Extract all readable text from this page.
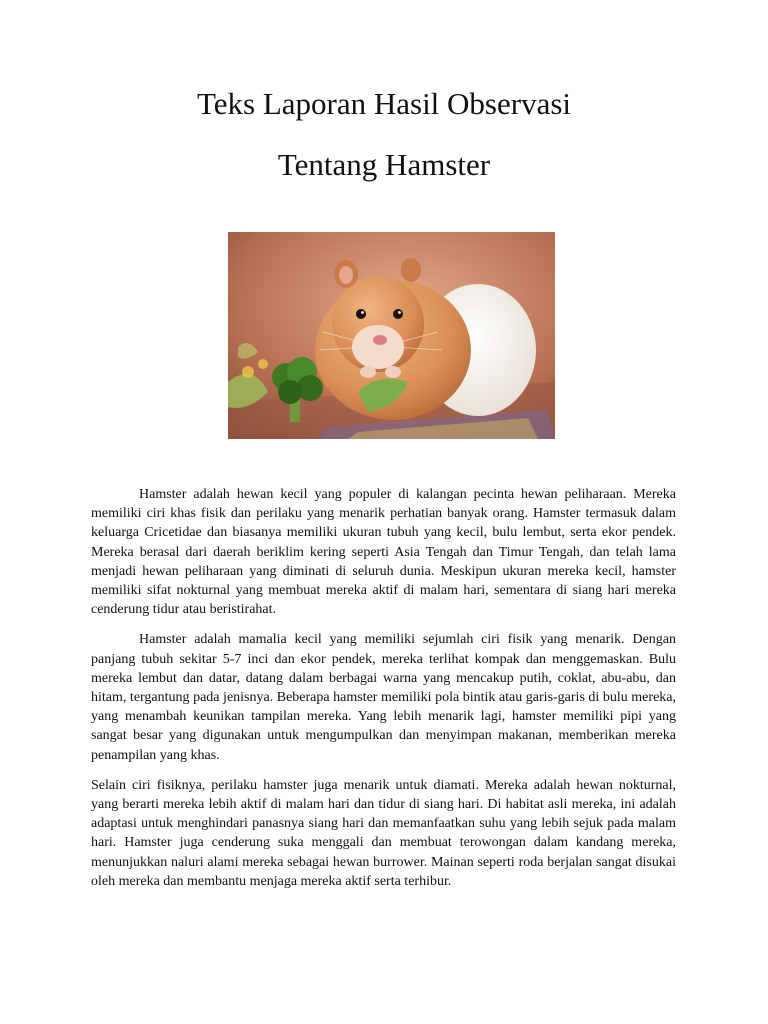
Teks Laporan Hasil Observasi
Tentang Hamster

Hamster adalah hewan kecil yang populer di kalangan pecinta hewan peliharaan. Mereka memiliki ciri khas fisik dan perilaku yang menarik perhatian banyak orang. Hamster termasuk dalam keluarga Cricetidae dan biasanya memiliki ukuran tubuh yang kecil, bulu lembut, serta ekor pendek. Mereka berasal dari daerah beriklim kering seperti Asia Tengah dan Timur Tengah, dan telah lama menjadi hewan peliharaan yang diminati di seluruh dunia. Meskipun ukuran mereka kecil, hamster memiliki sifat nokturnal yang membuat mereka aktif di malam hari, sementara di siang hari mereka cenderung tidur atau beristirahat.

Hamster adalah mamalia kecil yang memiliki sejumlah ciri fisik yang menarik. Dengan panjang tubuh sekitar 5-7 inci dan ekor pendek, mereka terlihat kompak dan menggemaskan. Bulu mereka lembut dan datar, datang dalam berbagai warna yang mencakup putih, coklat, abu-abu, dan hitam, tergantung pada jenisnya. Beberapa hamster memiliki pola bintik atau garis-garis di bulu mereka, yang menambah keunikan tampilan mereka. Yang lebih menarik lagi, hamster memiliki pipi yang sangat besar yang digunakan untuk mengumpulkan dan menyimpan makanan, memberikan mereka penampilan yang khas.

Selain ciri fisiknya, perilaku hamster juga menarik untuk diamati. Mereka adalah hewan nokturnal, yang berarti mereka lebih aktif di malam hari dan tidur di siang hari. Di habitat asli mereka, ini adalah adaptasi untuk menghindari panasnya siang hari dan memanfaatkan suhu yang lebih sejuk pada malam hari. Hamster juga cenderung suka menggali dan membuat terowongan dalam kandang mereka, menunjukkan naluri alami mereka sebagai hewan burrower. Mainan seperti roda berjalan sangat disukai oleh mereka dan membantu menjaga mereka aktif serta terhibur.
